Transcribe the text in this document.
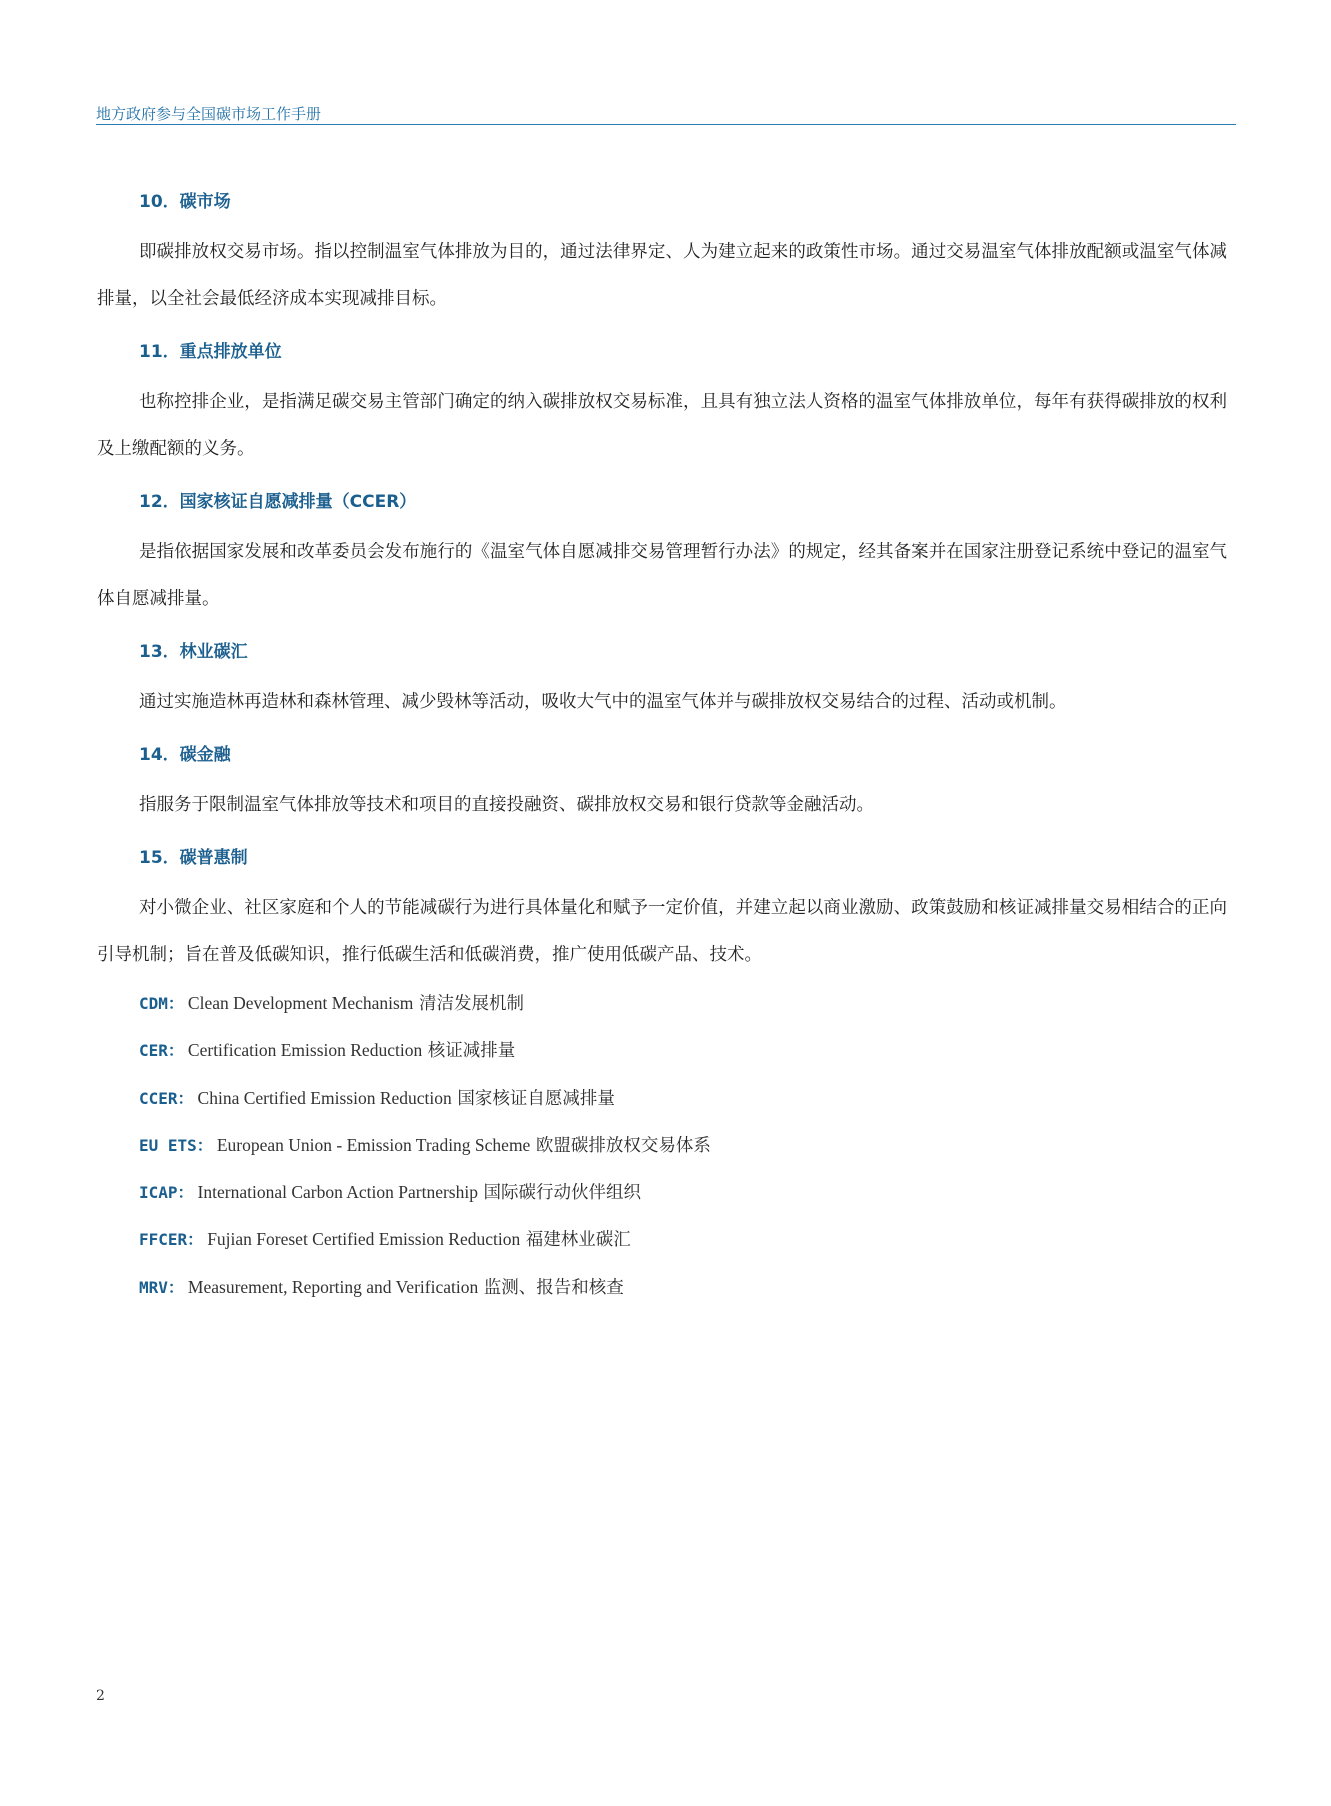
地方政府参与全国碳市场工作手册
10．碳市场

即碳排放权交易市场。指以控制温室气体排放为目的，通过法律界定、人为建立起来的政策性市场。通过交易温室气体排放配额或温室气体减排量，以全社会最低经济成本实现减排目标。

11．重点排放单位

也称控排企业，是指满足碳交易主管部门确定的纳入碳排放权交易标准，且具有独立法人资格的温室气体排放单位，每年有获得碳排放的权利及上缴配额的义务。

12．国家核证自愿减排量（CCER）

是指依据国家发展和改革委员会发布施行的《温室气体自愿减排交易管理暂行办法》的规定，经其备案并在国家注册登记系统中登记的温室气体自愿减排量。

13．林业碳汇

通过实施造林再造林和森林管理、减少毁林等活动，吸收大气中的温室气体并与碳排放权交易结合的过程、活动或机制。

14．碳金融

指服务于限制温室气体排放等技术和项目的直接投融资、碳排放权交易和银行贷款等金融活动。

15．碳普惠制

对小微企业、社区家庭和个人的节能减碳行为进行具体量化和赋予一定价值，并建立起以商业激励、政策鼓励和核证减排量交易相结合的正向引导机制；旨在普及低碳知识，推行低碳生活和低碳消费，推广使用低碳产品、技术。

CDM： Clean Development Mechanism 清洁发展机制
CER： Certification Emission Reduction 核证减排量
CCER： China Certified Emission Reduction 国家核证自愿减排量
EU ETS： European Union - Emission Trading Scheme 欧盟碳排放权交易体系
ICAP： International Carbon Action Partnership 国际碳行动伙伴组织
FFCER： Fujian Foreset Certified Emission Reduction 福建林业碳汇
MRV： Measurement, Reporting and Verification 监测、报告和核查
2
